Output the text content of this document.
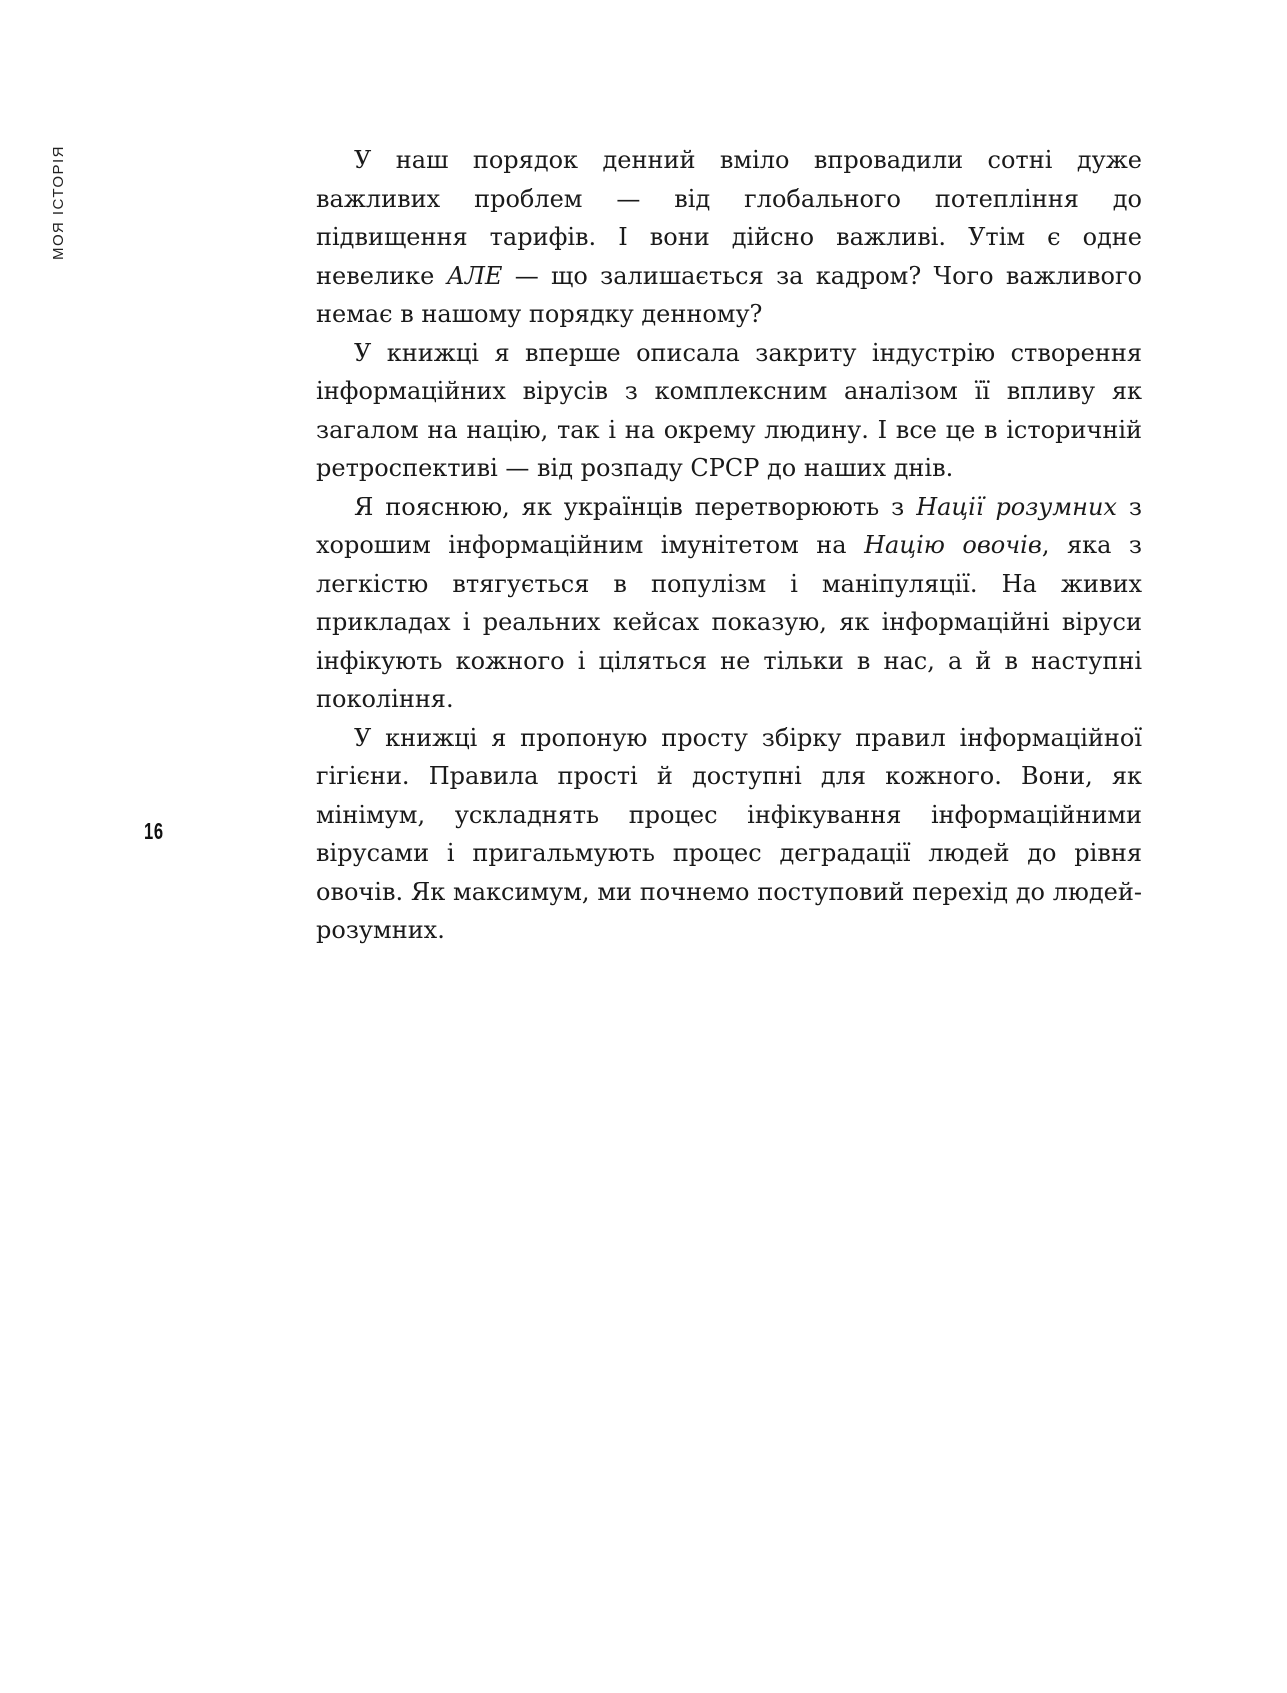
МОЯ ІСТОРІЯ
16

У наш порядок денний вміло впровадили сотні дуже важливих проблем — від глобального потепління до підвищення тарифів. І вони дійсно важливі. Утім є одне невелике АЛЕ — що залишається за кадром? Чого важливого немає в нашому порядку денному?

У книжці я вперше описала закриту індустрію створення інформаційних вірусів з комплексним аналізом її впливу як загалом на націю, так і на окрему людину. І все це в історичній ретроспективі — від розпаду СРСР до наших днів.

Я пояснюю, як українців перетворюють з Нації розумних з хорошим інформаційним імунітетом на Націю овочів, яка з легкістю втягується в популізм і маніпуляції. На живих прикладах і реальних кейсах показую, як інформаційні віруси інфікують кожного і цiляться не тільки в нас, а й в наступні покоління.

У книжці я пропоную просту збірку правил інформаційної гігієни. Правила прості й доступні для кожного. Вони, як мінімум, ускладнять процес інфікування інформаційними вірусами і пригальмують процес деградації людей до рівня овочів. Як максимум, ми почнемо поступовий перехід до людей-розумних.
